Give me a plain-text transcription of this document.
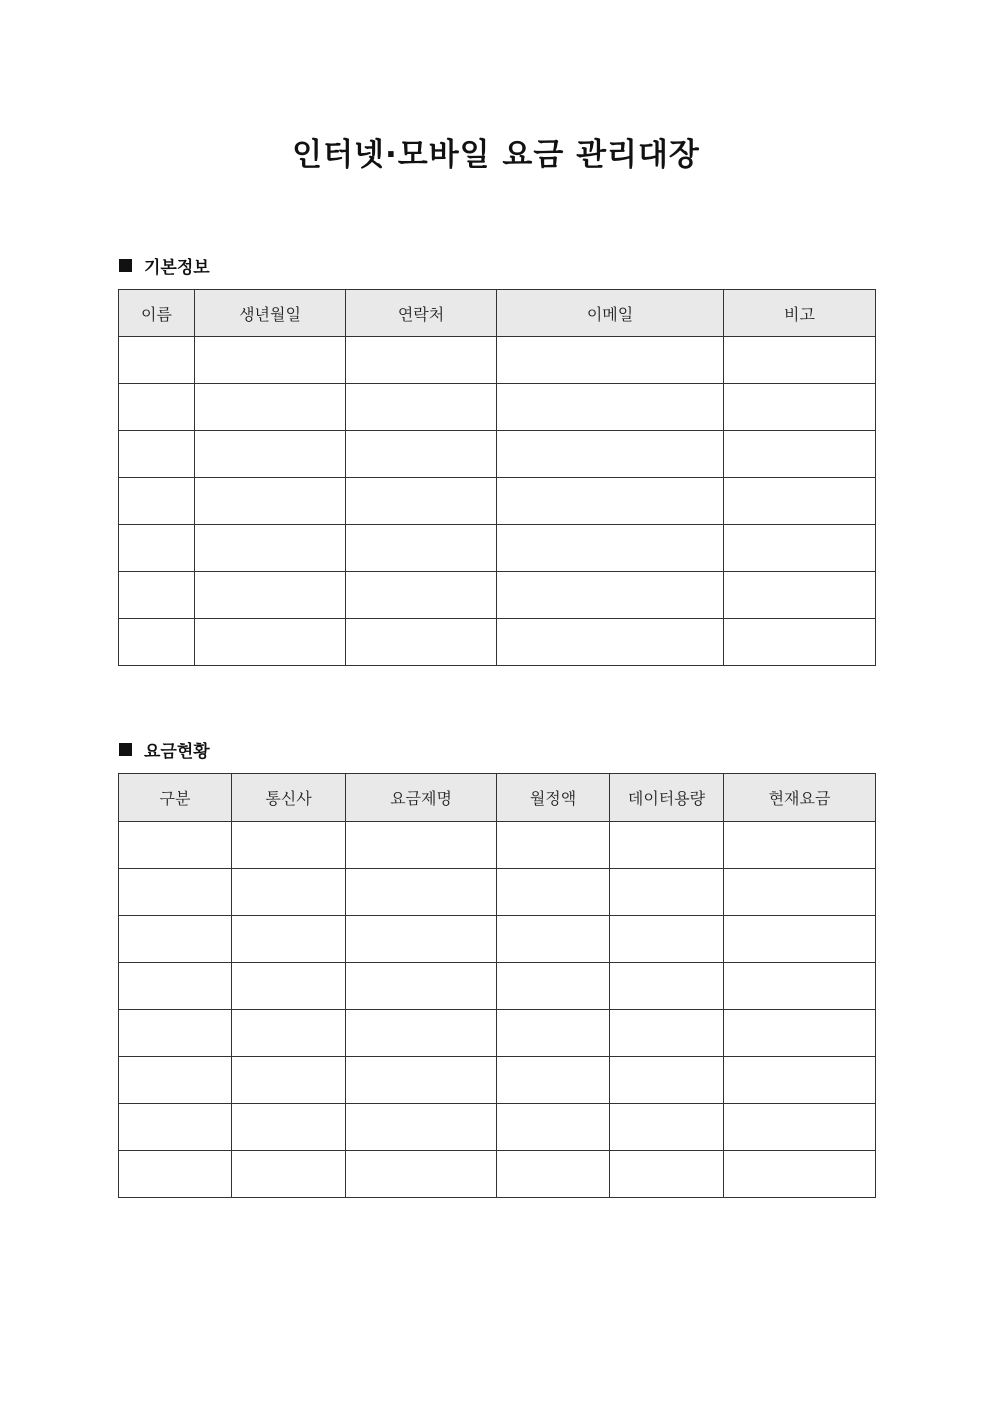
인터넷·모바일 요금 관리대장
기본정보
이름	생년월일	연락처	이메일	비고

요금현황
구분	통신사	요금제명	월정액	데이터용량	현재요금
